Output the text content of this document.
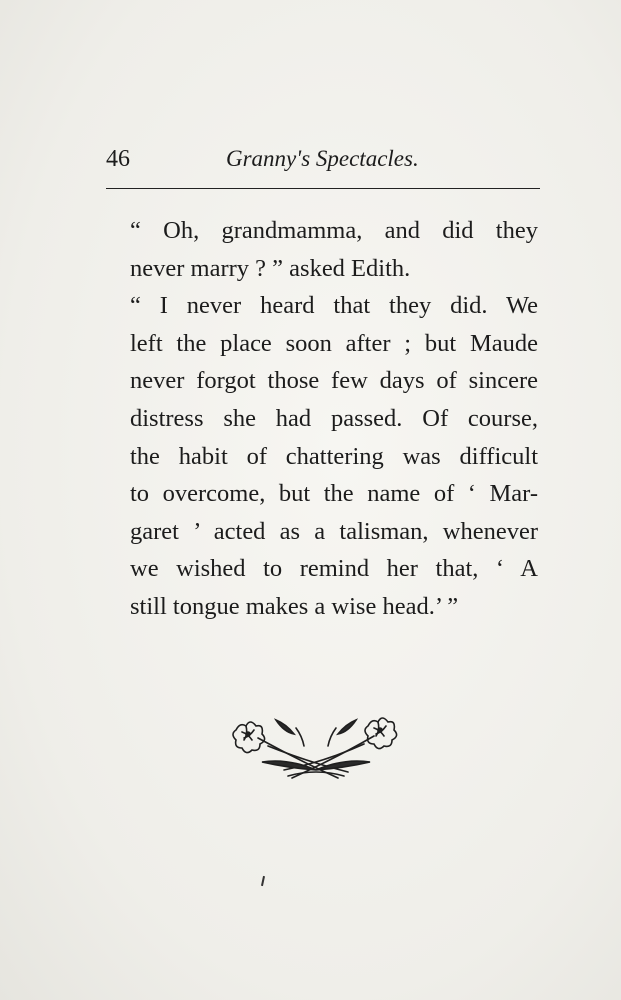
46	Granny's Spectacles.

“ Oh, grandmamma, and did they
never marry ? ” asked Edith.

“ I never heard that they did. We
left the place soon after ; but Maude
never forgot those few days of sincere
distress she had passed. Of course,
the habit of chattering was difficult
to overcome, but the name of ‘ Mar-
garet ’ acted as a talisman, whenever
we wished to remind her that, ‘ A
still tongue makes a wise head.’ ”
